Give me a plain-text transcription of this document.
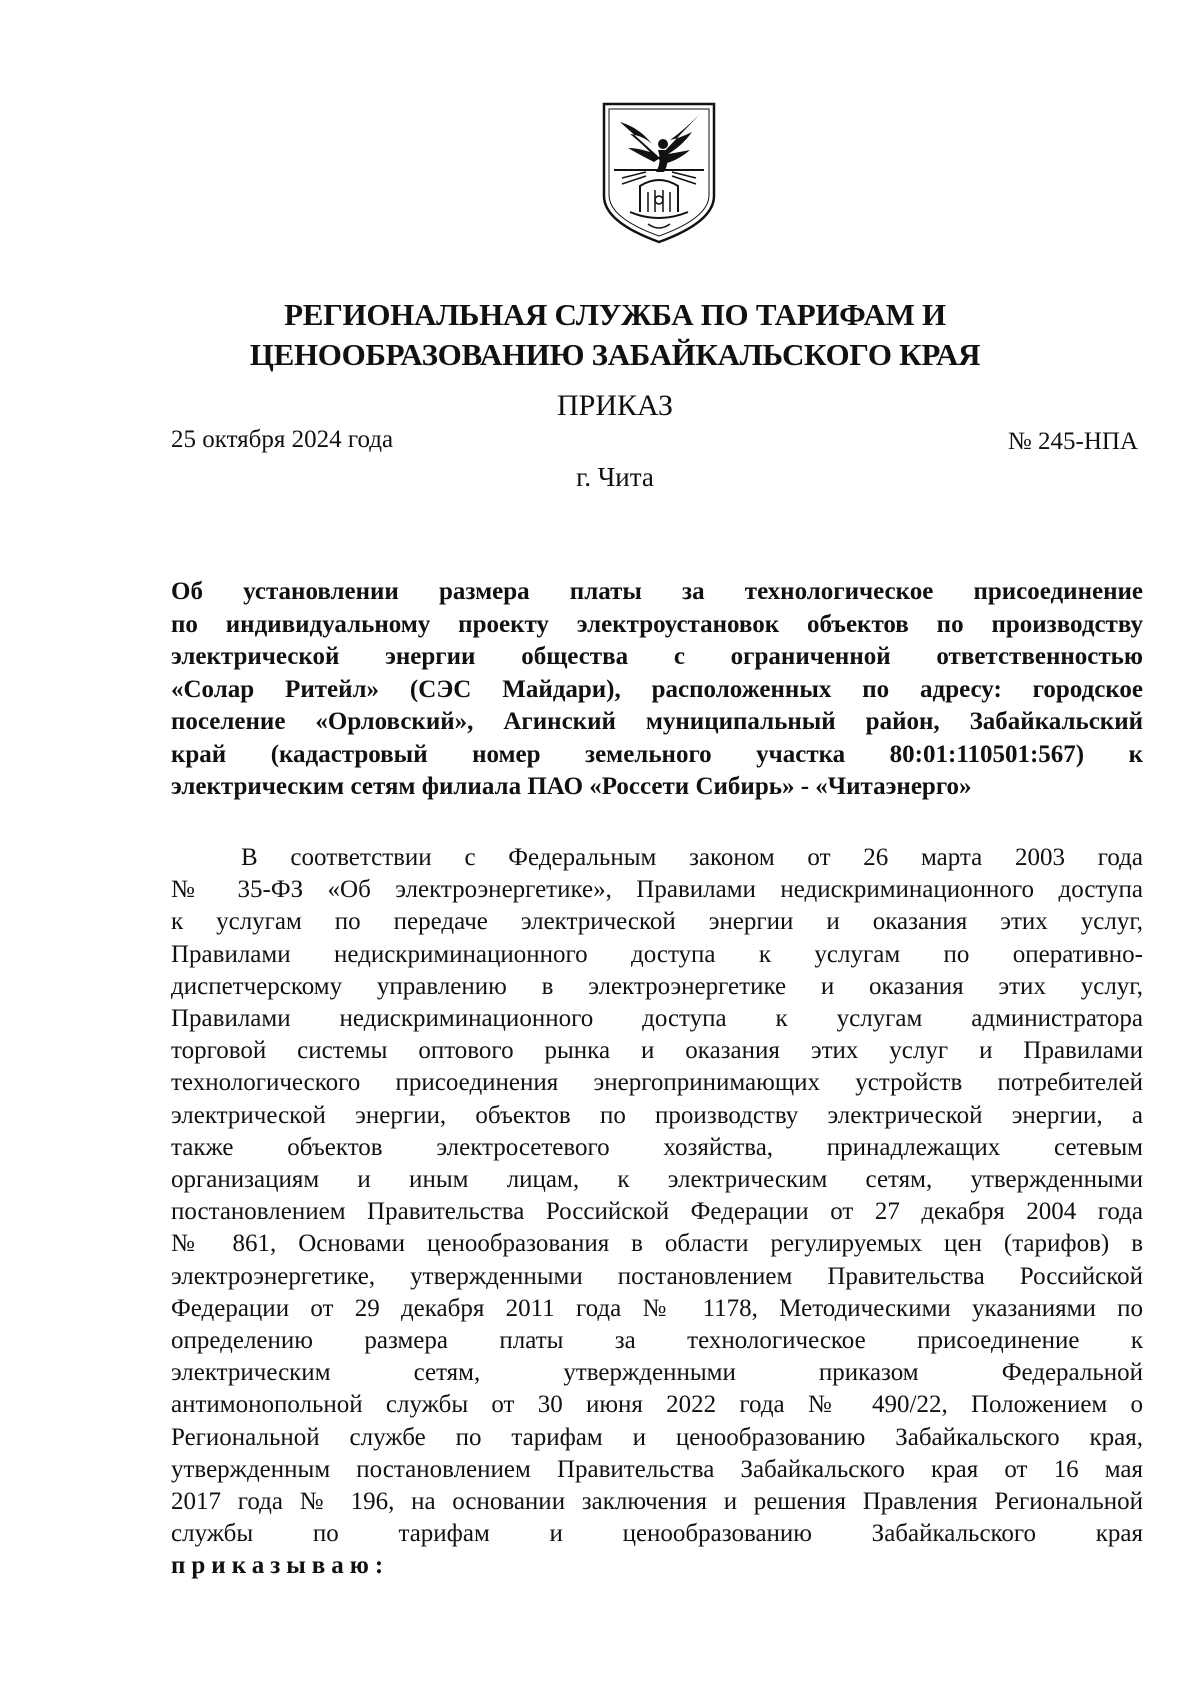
РЕГИОНАЛЬНАЯ СЛУЖБА ПО ТАРИФАМ И
ЦЕНООБРАЗОВАНИЮ ЗАБАЙКАЛЬСКОГО КРАЯ
ПРИКАЗ
25 октября 2024 года	№ 245-НПА
г. Чита
Об установлении размера платы за технологическое присоединение
по индивидуальному проекту электроустановок объектов по производству
электрической энергии общества с ограниченной ответственностью
«Солар Ритейл» (СЭС Майдари), расположенных по адресу: городское
поселение «Орловский», Агинский муниципальный район, Забайкальский
край (кадастровый номер земельного участка 80:01:110501:567) к
электрическим сетям филиала ПАО «Россети Сибирь» - «Читаэнерго»
В соответствии с Федеральным законом от 26 марта 2003 года
№ 35-ФЗ «Об электроэнергетике», Правилами недискриминационного доступа
к услугам по передаче электрической энергии и оказания этих услуг,
Правилами недискриминационного доступа к услугам по оперативно-
диспетчерскому управлению в электроэнергетике и оказания этих услуг,
Правилами недискриминационного доступа к услугам администратора
торговой системы оптового рынка и оказания этих услуг и Правилами
технологического присоединения энергопринимающих устройств потребителей
электрической энергии, объектов по производству электрической энергии, а
также объектов электросетевого хозяйства, принадлежащих сетевым
организациям и иным лицам, к электрическим сетям, утвержденными
постановлением Правительства Российской Федерации от 27 декабря 2004 года
№ 861, Основами ценообразования в области регулируемых цен (тарифов) в
электроэнергетике, утвержденными постановлением Правительства Российской
Федерации от 29 декабря 2011 года № 1178, Методическими указаниями по
определению размера платы за технологическое присоединение к
электрическим сетям, утвержденными приказом Федеральной
антимонопольной службы от 30 июня 2022 года № 490/22, Положением о
Региональной службе по тарифам и ценообразованию Забайкальского края,
утвержденным постановлением Правительства Забайкальского края от 16 мая
2017 года № 196, на основании заключения и решения Правления Региональной
службы по тарифам и ценообразованию Забайкальского края
приказываю:
